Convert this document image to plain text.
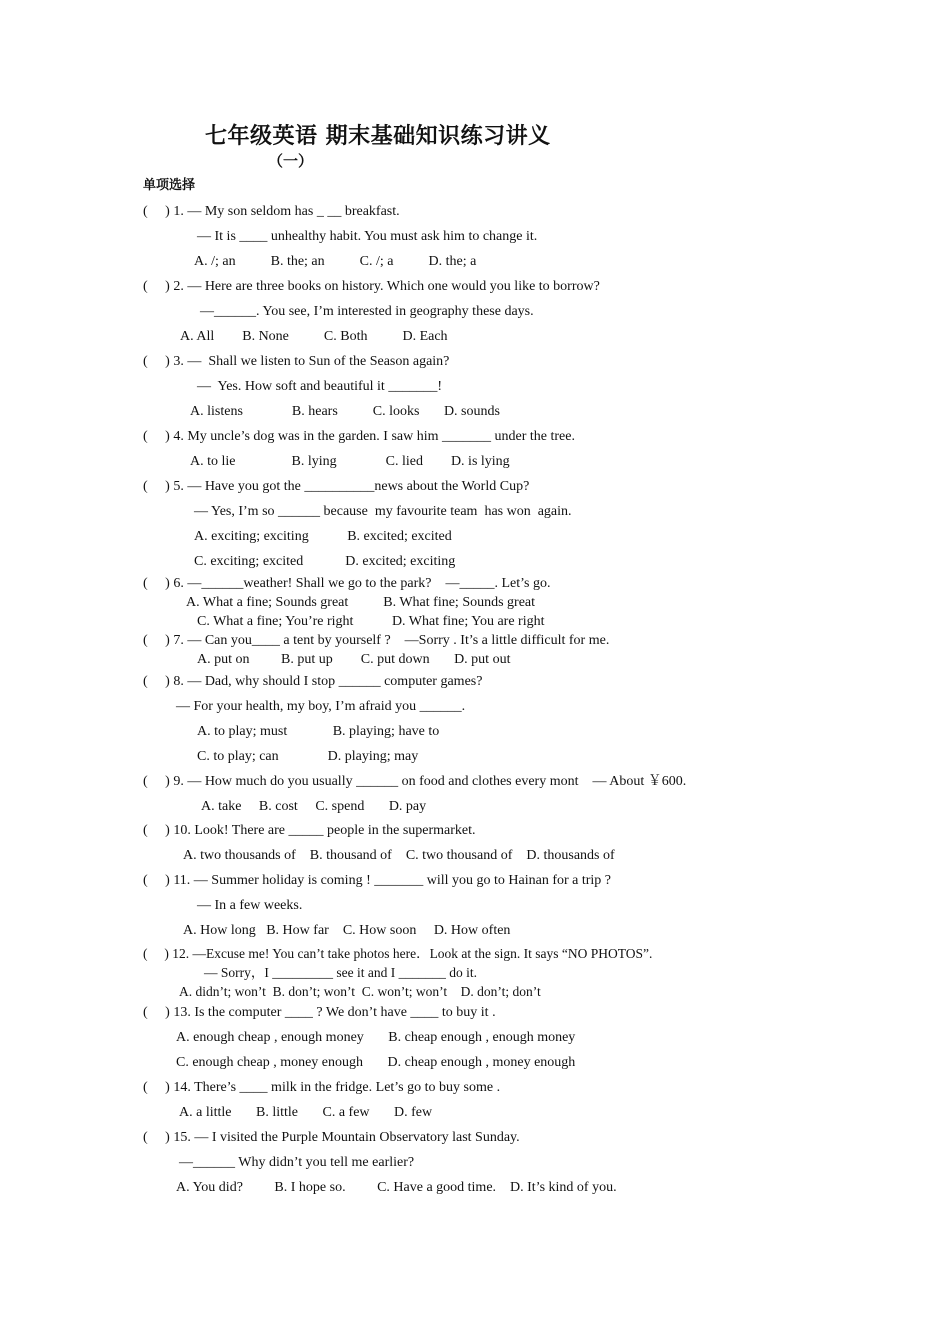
七年级英语 期末基础知识练习讲义
（一）
单项选择
(     ) 1. — My son seldom has _ __ breakfast.
— It is ____ unhealthy habit. You must ask him to change it.
A. /; an          B. the; an          C. /; a          D. the; a
(     ) 2. — Here are three books on history. Which one would you like to borrow?
—______. You see, I’m interested in geography these days.
A. All        B. None          C. Both          D. Each
(     ) 3. —  Shall we listen to Sun of the Season again?
—  Yes. How soft and beautiful it _______!
A. listens              B. hears          C. looks       D. sounds
(     ) 4. My uncle’s dog was in the garden. I saw him _______ under the tree.
A. to lie                B. lying              C. lied        D. is lying
(     ) 5. — Have you got the __________news about the World Cup?
— Yes, I’m so ______ because  my favourite team  has won  again.
A. exciting; exciting           B. excited; excited
C. exciting; excited            D. excited; exciting
(     ) 6. —______weather! Shall we go to the park?    —_____. Let’s go.
A. What a fine; Sounds great          B. What fine; Sounds great
C. What a fine; You’re right           D. What fine; You are right
(     ) 7. — Can you____ a tent by yourself ?    —Sorry . It’s a little difficult for me.
A. put on         B. put up        C. put down       D. put out
(     ) 8. — Dad, why should I stop ______ computer games?
— For your health, my boy, I’m afraid you ______.
A. to play; must             B. playing; have to
C. to play; can              D. playing; may
(     ) 9. — How much do you usually ______ on food and clothes every mont    — About ￥600.
A. take     B. cost     C. spend       D. pay
(     ) 10. Look! There are _____ people in the supermarket.
A. two thousands of    B. thousand of    C. two thousand of    D. thousands of
(     ) 11. — Summer holiday is coming ! _______ will you go to Hainan for a trip ?
— In a few weeks.
A. How long   B. How far    C. How soon     D. How often
(     ) 12. —Excuse me! You can’t take photos here．Look at the sign. It says “NO PHOTOS”.
— Sorry，I _________ see it and I _______ do it.
A. didn’t; won’t  B. don’t; won’t  C. won’t; won’t    D. don’t; don’t
(     ) 13. Is the computer ____ ? We don’t have ____ to buy it .
A. enough cheap , enough money       B. cheap enough , enough money
C. enough cheap , money enough       D. cheap enough , money enough
(     ) 14. There’s ____ milk in the fridge. Let’s go to buy some .
A. a little       B. little       C. a few       D. few
(     ) 15. — I visited the Purple Mountain Observatory last Sunday.
—______ Why didn’t you tell me earlier?
A. You did?         B. I hope so.         C. Have a good time.    D. It’s kind of you.
